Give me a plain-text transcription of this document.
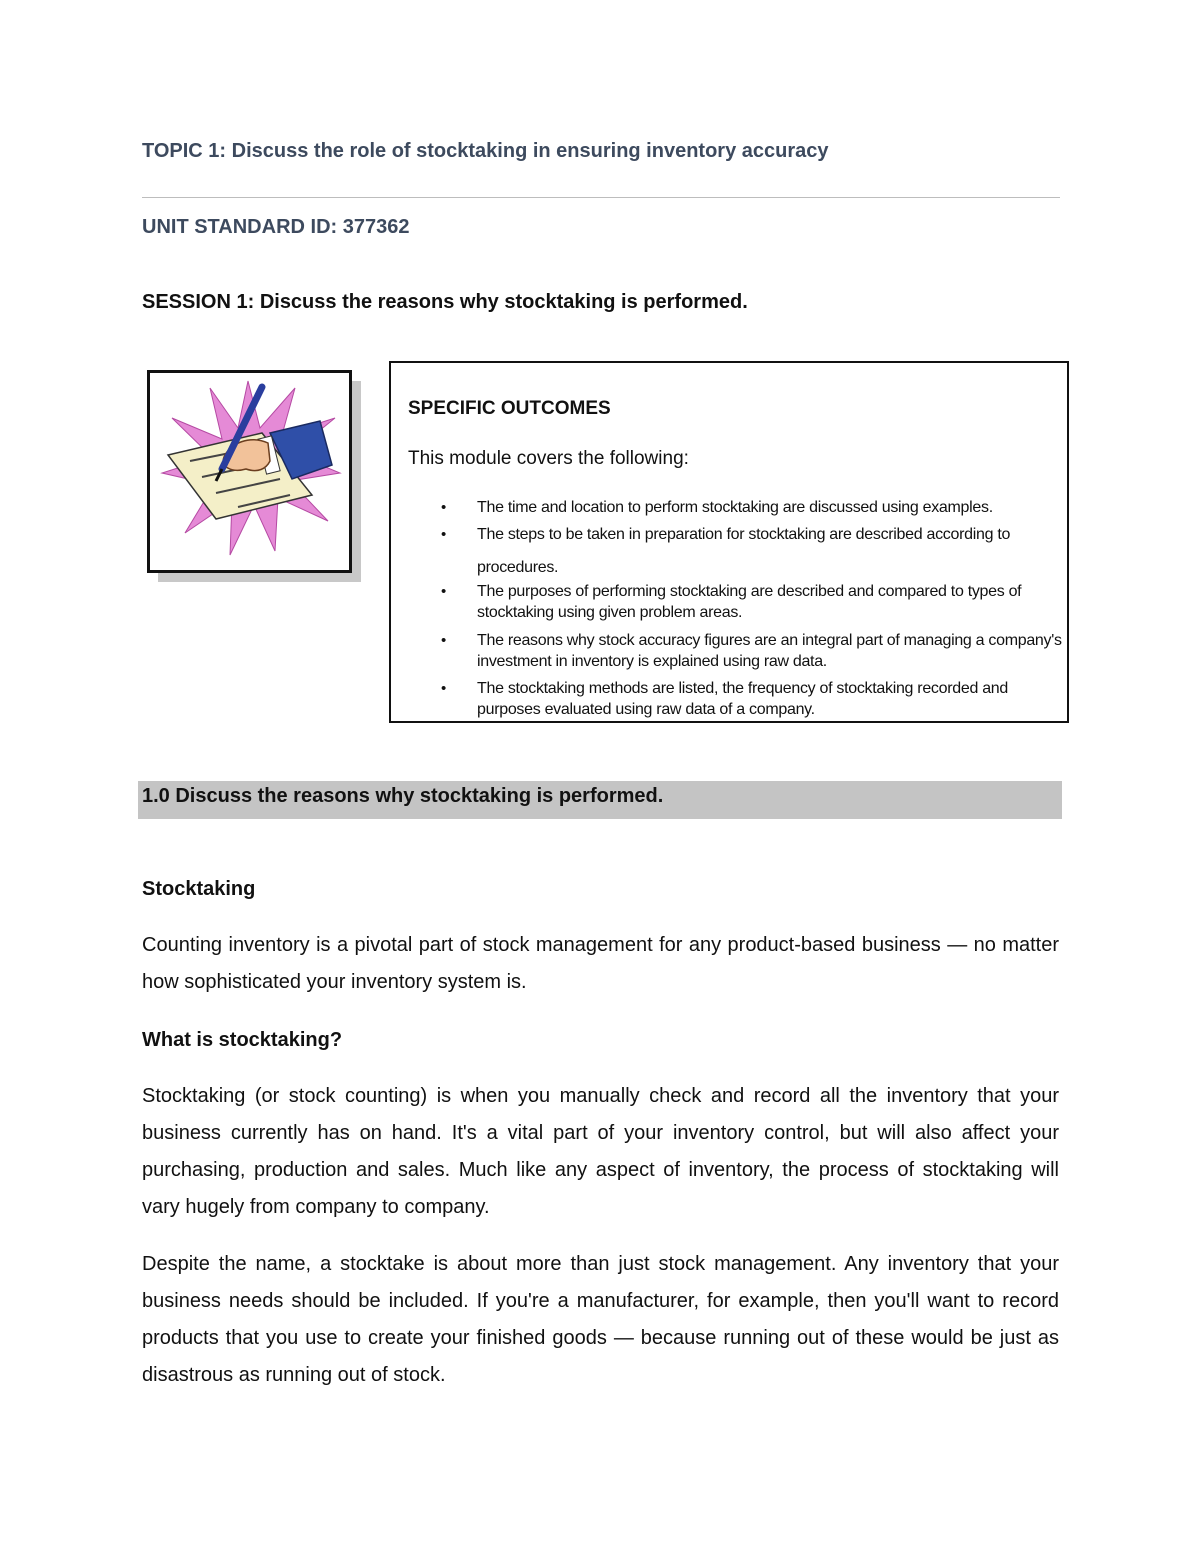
TOPIC 1: Discuss the role of stocktaking in ensuring inventory accuracy
UNIT STANDARD ID: 377362
SESSION 1: Discuss the reasons why stocktaking is performed.
SPECIFIC OUTCOMES
This module covers the following:
• The time and location to perform stocktaking are discussed using examples.
• The steps to be taken in preparation for stocktaking are described according to procedures.
• The purposes of performing stocktaking are described and compared to types of stocktaking using given problem areas.
• The reasons why stock accuracy figures are an integral part of managing a company's investment in inventory is explained using raw data.
• The stocktaking methods are listed, the frequency of stocktaking recorded and purposes evaluated using raw data of a company.
1.0 Discuss the reasons why stocktaking is performed.
Stocktaking
Counting inventory is a pivotal part of stock management for any product-based business — no matter how sophisticated your inventory system is.
What is stocktaking?
Stocktaking (or stock counting) is when you manually check and record all the inventory that your business currently has on hand. It's a vital part of your inventory control, but will also affect your purchasing, production and sales. Much like any aspect of inventory, the process of stocktaking will vary hugely from company to company.
Despite the name, a stocktake is about more than just stock management. Any inventory that your business needs should be included. If you're a manufacturer, for example, then you'll want to record products that you use to create your finished goods — because running out of these would be just as disastrous as running out of stock.
